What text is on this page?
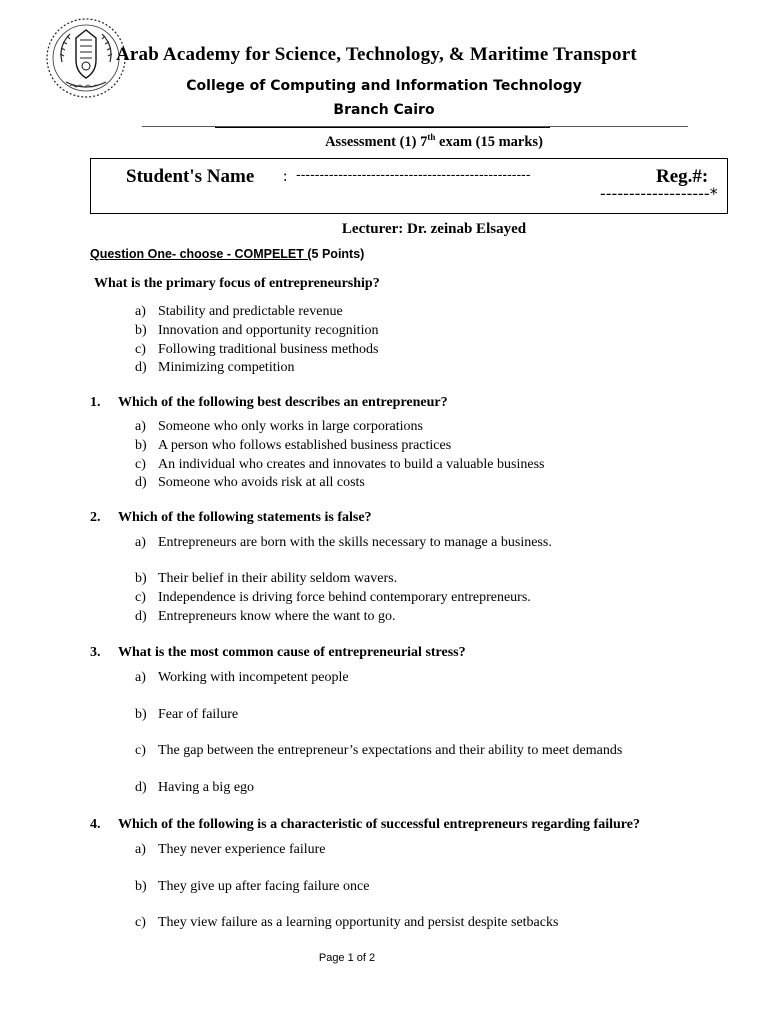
Arab Academy for Science, Technology, & Maritime Transport
College of Computing and Information Technology
Branch Cairo
Assessment (1) 7th exam (15 marks)
Student's Name : --------------------------------------------------	Reg.#:
-------------------*
Lecturer: Dr. zeinab Elsayed
Question One- choose - COMPELET (5 Points)
What is the primary focus of entrepreneurship?
a) Stability and predictable revenue
b) Innovation and opportunity recognition
c) Following traditional business methods
d) Minimizing competition
1. Which of the following best describes an entrepreneur?
a) Someone who only works in large corporations
b) A person who follows established business practices
c) An individual who creates and innovates to build a valuable business
d) Someone who avoids risk at all costs
2. Which of the following statements is false?
a) Entrepreneurs are born with the skills necessary to manage a business.
b) Their belief in their ability seldom wavers.
c) Independence is driving force behind contemporary entrepreneurs.
d) Entrepreneurs know where the want to go.
3. What is the most common cause of entrepreneurial stress?
a) Working with incompetent people
b) Fear of failure
c) The gap between the entrepreneur’s expectations and their ability to meet demands
d) Having a big ego
4. Which of the following is a characteristic of successful entrepreneurs regarding failure?
a) They never experience failure
b) They give up after facing failure once
c) They view failure as a learning opportunity and persist despite setbacks
Page 1 of 2
